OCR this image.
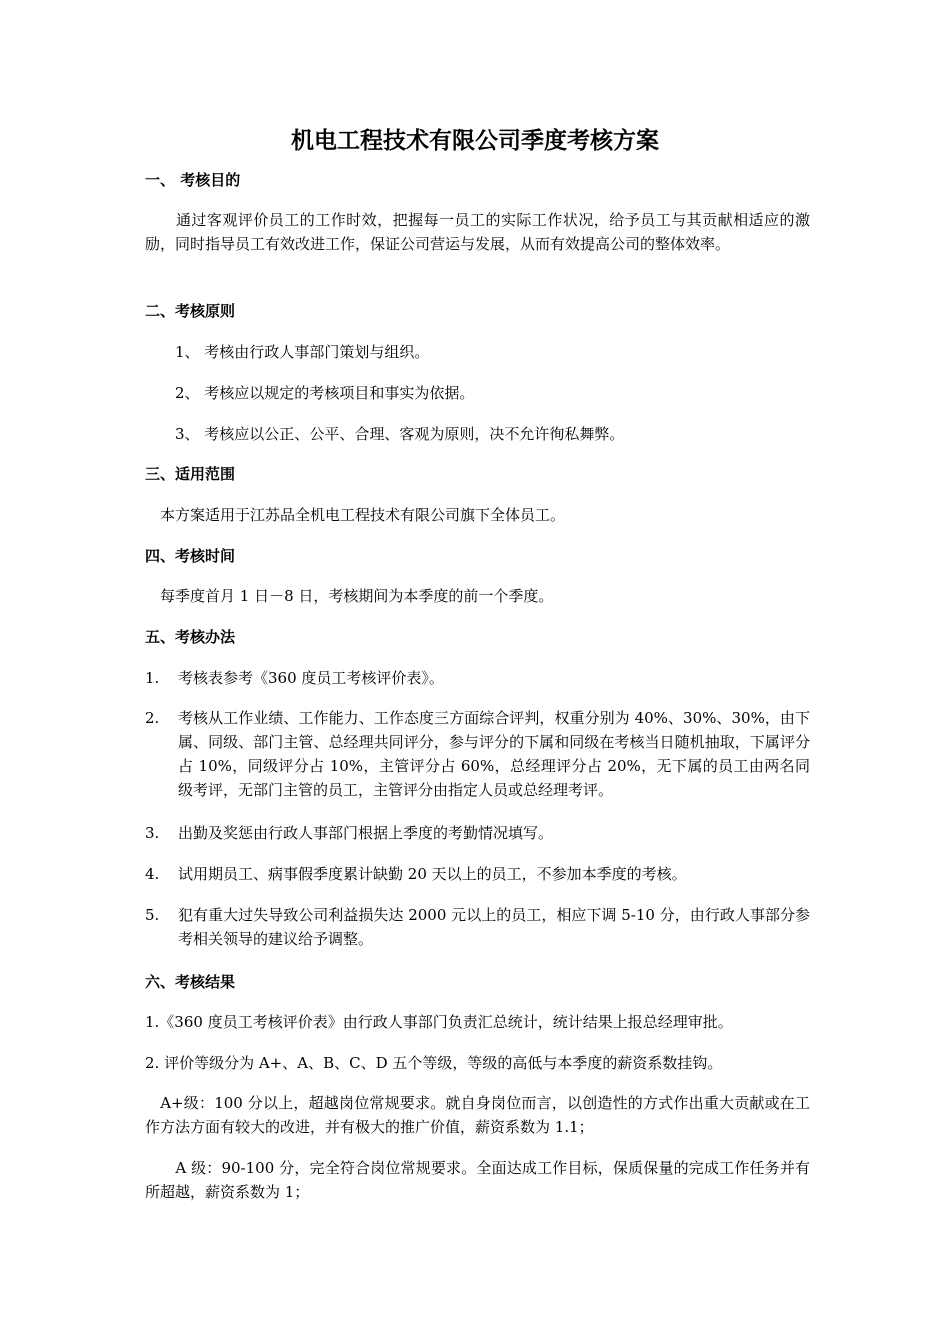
机电工程技术有限公司季度考核方案
一、 考核目的
　　通过客观评价员工的工作时效，把握每一员工的实际工作状况，给予员工与其贡献相适应的激励，同时指导员工有效改进工作，保证公司营运与发展，从而有效提高公司的整体效率。
二、考核原则
　　1、 考核由行政人事部门策划与组织。
　　2、 考核应以规定的考核项目和事实为依据。
　　3、 考核应以公正、公平、合理、客观为原则，决不允许徇私舞弊。
三、适用范围
　本方案适用于江苏品全机电工程技术有限公司旗下全体员工。
四、考核时间
　每季度首月 1 日－8 日，考核期间为本季度的前一个季度。
五、考核办法
1. 考核表参考《360 度员工考核评价表》。
2. 考核从工作业绩、工作能力、工作态度三方面综合评判，权重分别为 40%、30%、30%，由下属、同级、部门主管、总经理共同评分，参与评分的下属和同级在考核当日随机抽取，下属评分占 10%，同级评分占 10%，主管评分占 60%，总经理评分占 20%，无下属的员工由两名同级考评，无部门主管的员工，主管评分由指定人员或总经理考评。
3. 出勤及奖惩由行政人事部门根据上季度的考勤情况填写。
4. 试用期员工、病事假季度累计缺勤 20 天以上的员工，不参加本季度的考核。
5. 犯有重大过失导致公司利益损失达 2000 元以上的员工，相应下调 5-10 分，由行政人事部分参考相关领导的建议给予调整。
六、考核结果
1.《360 度员工考核评价表》由行政人事部门负责汇总统计，统计结果上报总经理审批。
2. 评价等级分为 A+、A、B、C、D 五个等级，等级的高低与本季度的薪资系数挂钩。
　A+级：100 分以上，超越岗位常规要求。就自身岗位而言，以创造性的方式作出重大贡献或在工作方法方面有较大的改进，并有极大的推广价值，薪资系数为 1.1；
　　A 级：90-100 分，完全符合岗位常规要求。全面达成工作目标，保质保量的完成工作任务并有所超越，薪资系数为 1；
